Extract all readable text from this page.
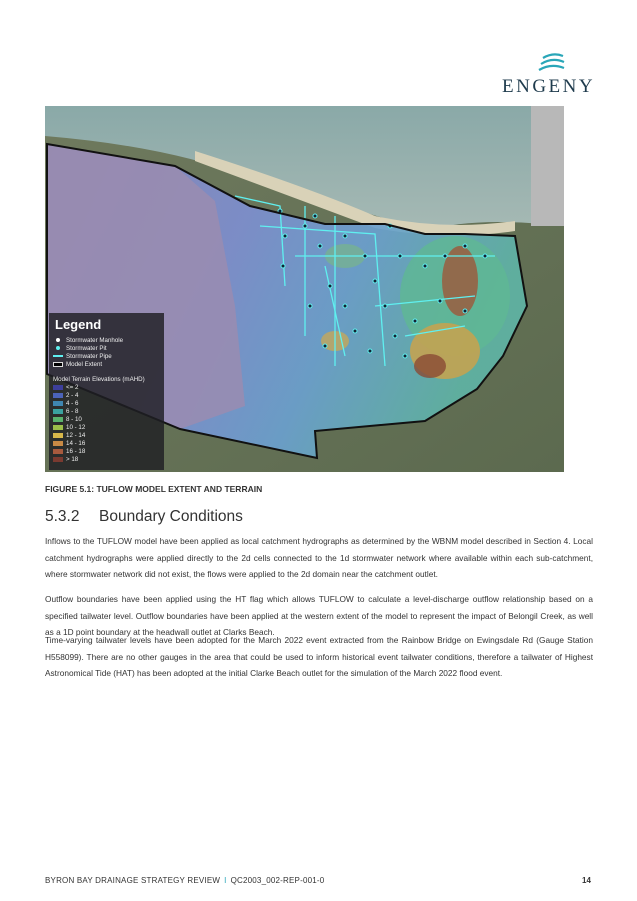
ENGENY
Legend
Stormwater Manhole
Stormwater Pit
Stormwater Pipe
Model Extent
Model Terrain Elevations (mAHD)
<= 2
2 - 4
4 - 6
6 - 8
8 - 10
10 - 12
12 - 14
14 - 16
16 - 18
> 18
FIGURE 5.1: TUFLOW MODEL EXTENT AND TERRAIN
5.3.2 Boundary Conditions

Inflows to the TUFLOW model have been applied as local catchment hydrographs as determined by the WBNM model described in Section 4. Local catchment hydrographs were applied directly to the 2d cells connected to the 1d stormwater network where available within each sub-catchment, where stormwater network did not exist, the flows were applied to the 2d domain near the catchment outlet.

Outflow boundaries have been applied using the HT flag which allows TUFLOW to calculate a level-discharge outflow relationship based on a specified tailwater level. Outflow boundaries have been applied at the western extent of the model to represent the impact of Belongil Creek, as well as a 1D point boundary at the headwall outlet at Clarks Beach.

Time-varying tailwater levels have been adopted for the March 2022 event extracted from the Rainbow Bridge on Ewingsdale Rd (Gauge Station H558099). There are no other gauges in the area that could be used to inform historical event tailwater conditions, therefore a tailwater of Highest Astronomical Tide (HAT) has been adopted at the initial Clarke Beach outlet for the simulation of the March 2022 flood event.

BYRON BAY DRAINAGE STRATEGY REVIEW I QC2003_002-REP-001-0	14
